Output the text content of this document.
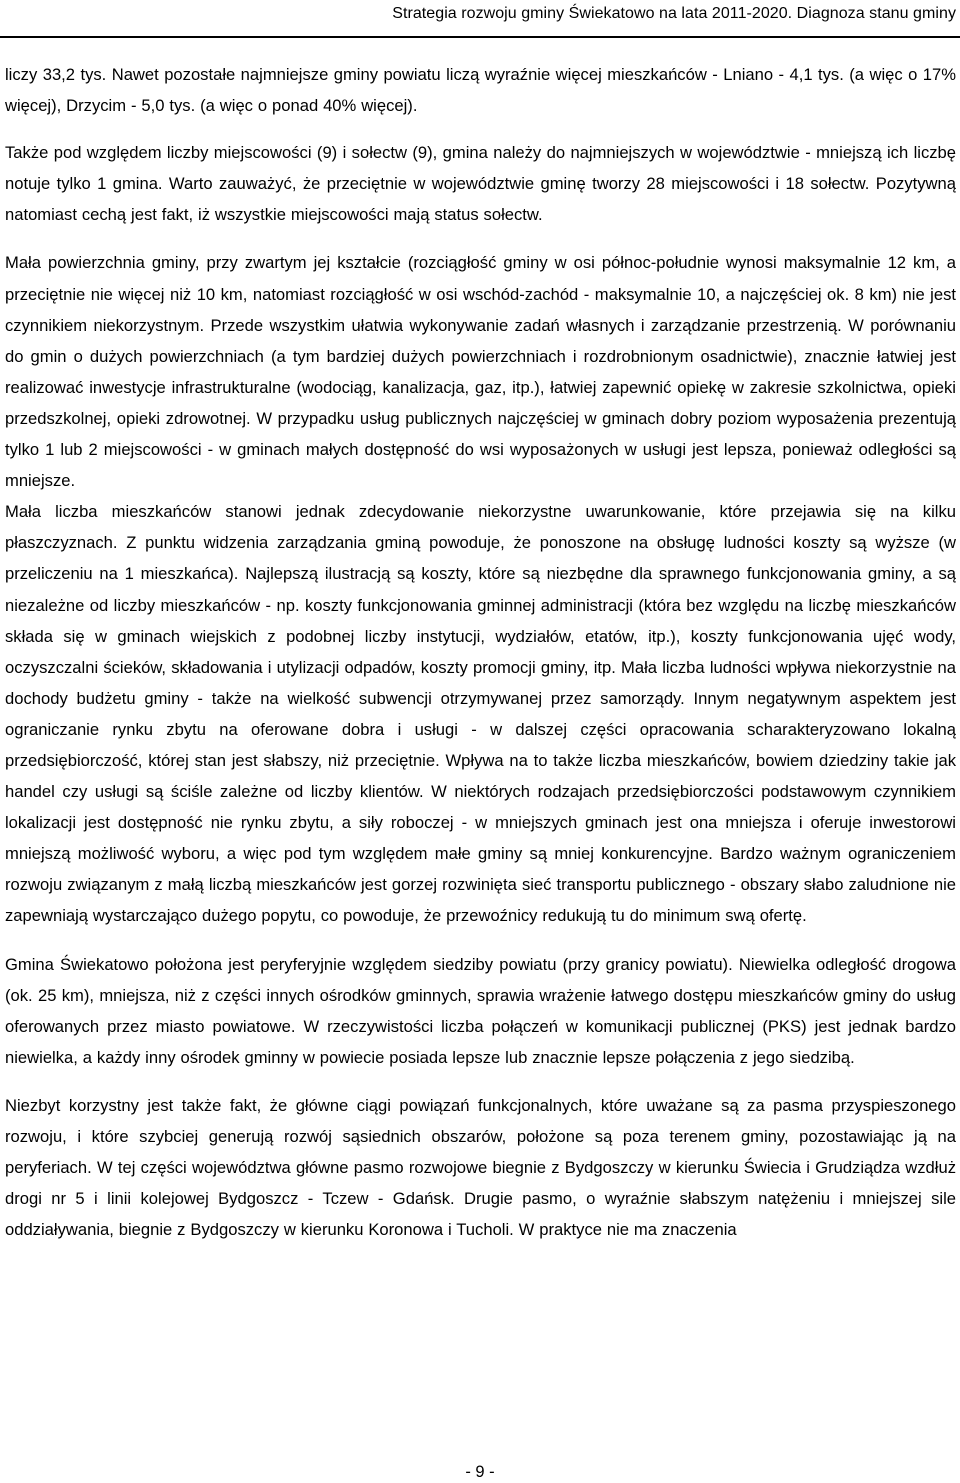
Strategia rozwoju gminy Świekatowo na lata 2011-2020. Diagnoza stanu gminy

liczy 33,2 tys. Nawet pozostałe najmniejsze gminy powiatu liczą wyraźnie więcej mieszkańców - Lniano - 4,1 tys. (a więc o 17% więcej), Drzycim - 5,0 tys. (a więc o ponad 40% więcej).

Także pod względem liczby miejscowości (9) i sołectw (9), gmina należy do najmniejszych w województwie - mniejszą ich liczbę notuje tylko 1 gmina. Warto zauważyć, że przeciętnie w województwie gminę tworzy 28 miejscowości i 18 sołectw. Pozytywną natomiast cechą jest fakt, iż wszystkie miejscowości mają status sołectw.

Mała powierzchnia gminy, przy zwartym jej kształcie (rozciągłość gminy w osi północ-południe wynosi maksymalnie 12 km, a przeciętnie nie więcej niż 10 km, natomiast rozciągłość w osi wschód-zachód - maksymalnie 10, a najczęściej ok. 8 km) nie jest czynnikiem niekorzystnym. Przede wszystkim ułatwia wykonywanie zadań własnych i zarządzanie przestrzenią. W porównaniu do gmin o dużych powierzchniach (a tym bardziej dużych powierzchniach i rozdrobnionym osadnictwie), znacznie łatwiej jest realizować inwestycje infrastrukturalne (wodociąg, kanalizacja, gaz, itp.), łatwiej zapewnić opiekę w zakresie szkolnictwa, opieki przedszkolnej, opieki zdrowotnej. W przypadku usług publicznych najczęściej w gminach dobry poziom wyposażenia prezentują tylko 1 lub 2 miejscowości - w gminach małych dostępność do wsi wyposażonych w usługi jest lepsza, ponieważ odległości są mniejsze.

Mała liczba mieszkańców stanowi jednak zdecydowanie niekorzystne uwarunkowanie, które przejawia się na kilku płaszczyznach. Z punktu widzenia zarządzania gminą powoduje, że ponoszone na obsługę ludności koszty są wyższe (w przeliczeniu na 1 mieszkańca). Najlepszą ilustracją są koszty, które są niezbędne dla sprawnego funkcjonowania gminy, a są niezależne od liczby mieszkańców - np. koszty funkcjonowania gminnej administracji (która bez względu na liczbę mieszkańców składa się w gminach wiejskich z podobnej liczby instytucji, wydziałów, etatów, itp.), koszty funkcjonowania ujęć wody, oczyszczalni ścieków, składowania i utylizacji odpadów, koszty promocji gminy, itp. Mała liczba ludności wpływa niekorzystnie na dochody budżetu gminy - także na wielkość subwencji otrzymywanej przez samorządy. Innym negatywnym aspektem jest ograniczanie rynku zbytu na oferowane dobra i usługi - w dalszej części opracowania scharakteryzowano lokalną przedsiębiorczość, której stan jest słabszy, niż przeciętnie. Wpływa na to także liczba mieszkańców, bowiem dziedziny takie jak handel czy usługi są ściśle zależne od liczby klientów. W niektórych rodzajach przedsiębiorczości podstawowym czynnikiem lokalizacji jest dostępność nie rynku zbytu, a siły roboczej - w mniejszych gminach jest ona mniejsza i oferuje inwestorowi mniejszą możliwość wyboru, a więc pod tym względem małe gminy są mniej konkurencyjne. Bardzo ważnym ograniczeniem rozwoju związanym z małą liczbą mieszkańców jest gorzej rozwinięta sieć transportu publicznego - obszary słabo zaludnione nie zapewniają wystarczająco dużego popytu, co powoduje, że przewoźnicy redukują tu do minimum swą ofertę.

Gmina Świekatowo położona jest peryferyjnie względem siedziby powiatu (przy granicy powiatu). Niewielka odległość drogowa (ok. 25 km), mniejsza, niż z części innych ośrodków gminnych, sprawia wrażenie łatwego dostępu mieszkańców gminy do usług oferowanych przez miasto powiatowe. W rzeczywistości liczba połączeń w komunikacji publicznej (PKS) jest jednak bardzo niewielka, a każdy inny ośrodek gminny w powiecie posiada lepsze lub znacznie lepsze połączenia z jego siedzibą.

Niezbyt korzystny jest także fakt, że główne ciągi powiązań funkcjonalnych, które uważane są za pasma przyspieszonego rozwoju, i które szybciej generują rozwój sąsiednich obszarów, położone są poza terenem gminy, pozostawiając ją na peryferiach. W tej części województwa główne pasmo rozwojowe biegnie z Bydgoszczy w kierunku Świecia i Grudziądza wzdłuż drogi nr 5 i linii kolejowej Bydgoszcz - Tczew - Gdańsk. Drugie pasmo, o wyraźnie słabszym natężeniu i mniejszej sile oddziaływania, biegnie z Bydgoszczy w kierunku Koronowa i Tucholi. W praktyce nie ma znaczenia

- 9 -
